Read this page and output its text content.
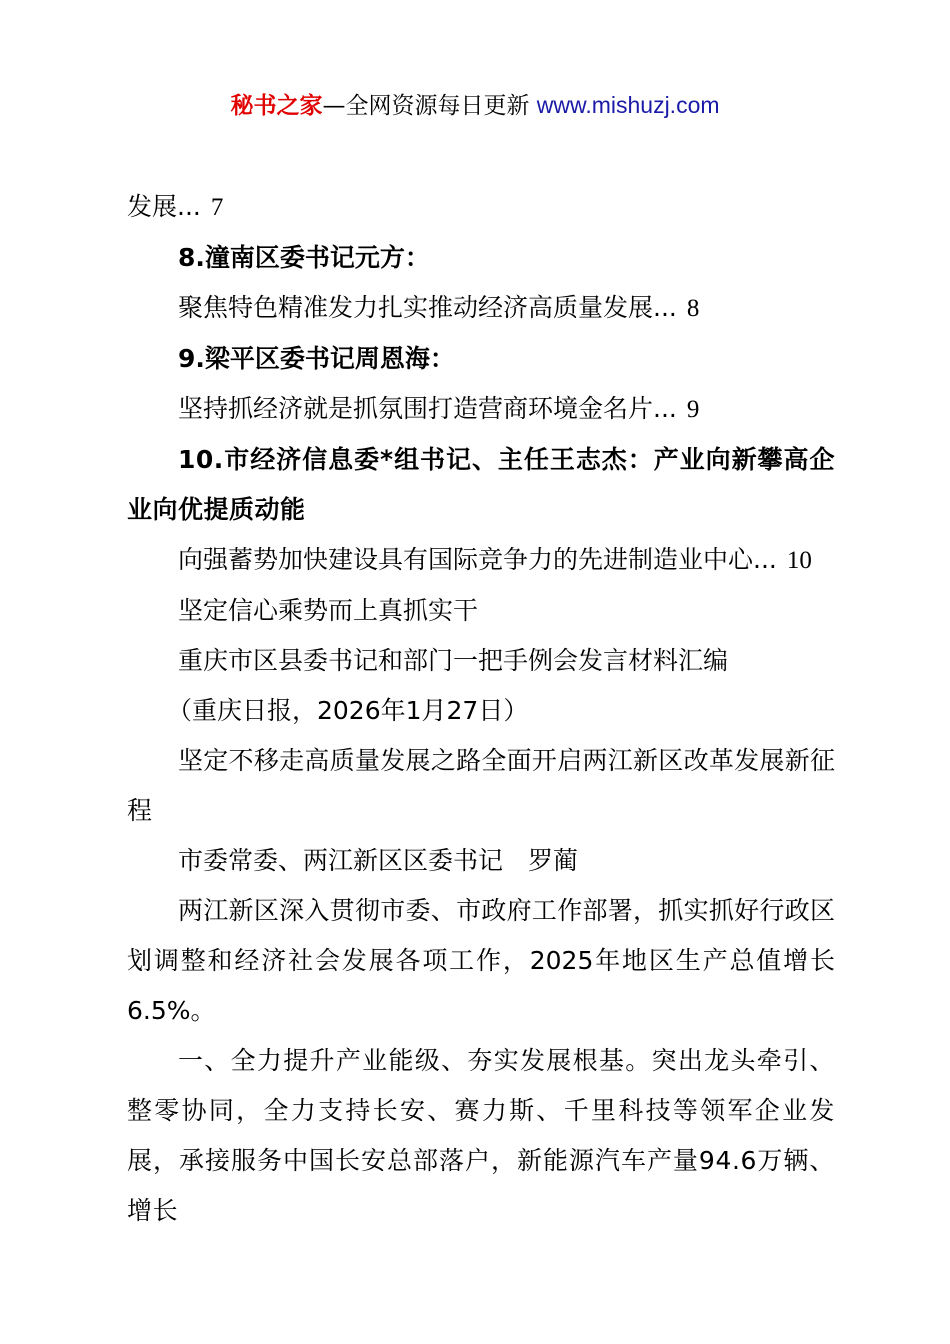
秘书之家—全网资源每日更新 www.mishuzj.com

发展... 7

8.潼南区委书记元方：

聚焦特色精准发力扎实推动经济高质量发展... 8

9.梁平区委书记周恩海：

坚持抓经济就是抓氛围打造营商环境金名片... 9

10.市经济信息委*组书记、主任王志杰：产业向新攀高企业向优提质动能

向强蓄势加快建设具有国际竞争力的先进制造业中心... 10

坚定信心乘势而上真抓实干

重庆市区县委书记和部门一把手例会发言材料汇编

（重庆日报，2026年1月27日）

坚定不移走高质量发展之路全面开启两江新区改革发展新征程

市委常委、两江新区区委书记　罗蔺

两江新区深入贯彻市委、市政府工作部署，抓实抓好行政区划调整和经济社会发展各项工作，2025年地区生产总值增长6.5%。

一、全力提升产业能级、夯实发展根基。突出龙头牵引、整零协同，全力支持长安、赛力斯、千里科技等领军企业发展，承接服务中国长安总部落户，新能源汽车产量94.6万辆、增长
